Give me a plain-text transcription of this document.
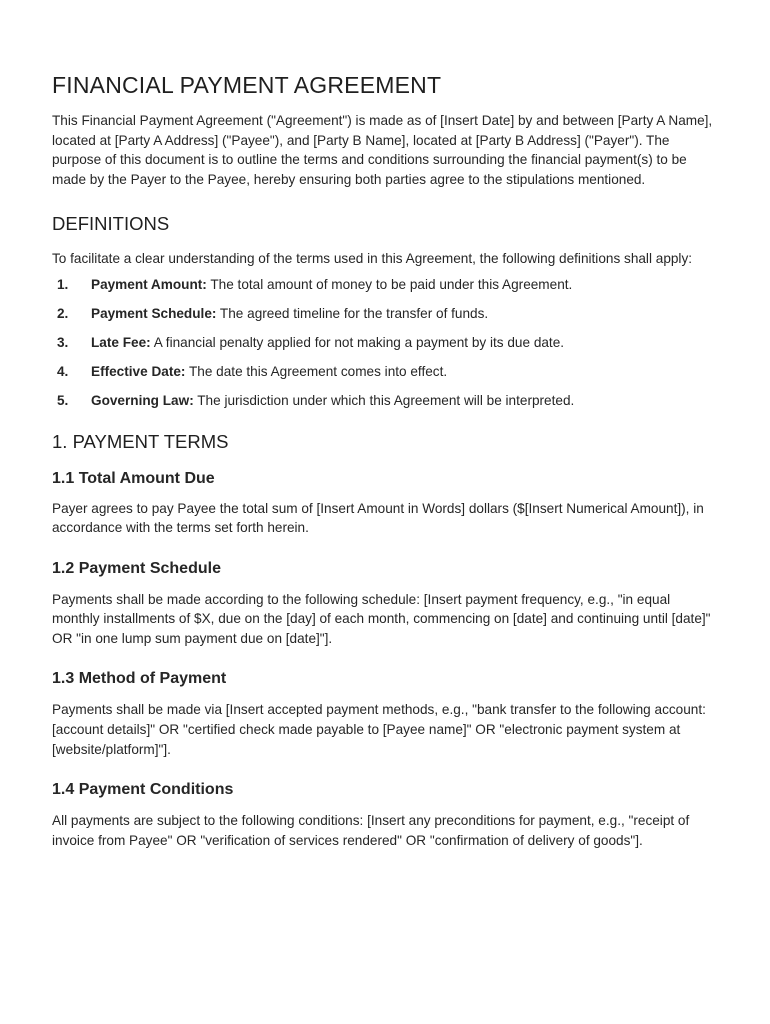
FINANCIAL PAYMENT AGREEMENT

This Financial Payment Agreement ("Agreement") is made as of [Insert Date] by and between [Party A Name], located at [Party A Address] ("Payee"), and [Party B Name], located at [Party B Address] ("Payer"). The purpose of this document is to outline the terms and conditions surrounding the financial payment(s) to be made by the Payer to the Payee, hereby ensuring both parties agree to the stipulations mentioned.

DEFINITIONS

To facilitate a clear understanding of the terms used in this Agreement, the following definitions shall apply:

1. Payment Amount: The total amount of money to be paid under this Agreement.
2. Payment Schedule: The agreed timeline for the transfer of funds.
3. Late Fee: A financial penalty applied for not making a payment by its due date.
4. Effective Date: The date this Agreement comes into effect.
5. Governing Law: The jurisdiction under which this Agreement will be interpreted.
1. PAYMENT TERMS
1.1 Total Amount Due

Payer agrees to pay Payee the total sum of [Insert Amount in Words] dollars ($[Insert Numerical Amount]), in accordance with the terms set forth herein.

1.2 Payment Schedule

Payments shall be made according to the following schedule: [Insert payment frequency, e.g., "in equal monthly installments of $X, due on the [day] of each month, commencing on [date] and continuing until [date]" OR "in one lump sum payment due on [date]"].

1.3 Method of Payment

Payments shall be made via [Insert accepted payment methods, e.g., "bank transfer to the following account: [account details]" OR "certified check made payable to [Payee name]" OR "electronic payment system at [website/platform]"].

1.4 Payment Conditions

All payments are subject to the following conditions: [Insert any preconditions for payment, e.g., "receipt of invoice from Payee" OR "verification of services rendered" OR "confirmation of delivery of goods"].
